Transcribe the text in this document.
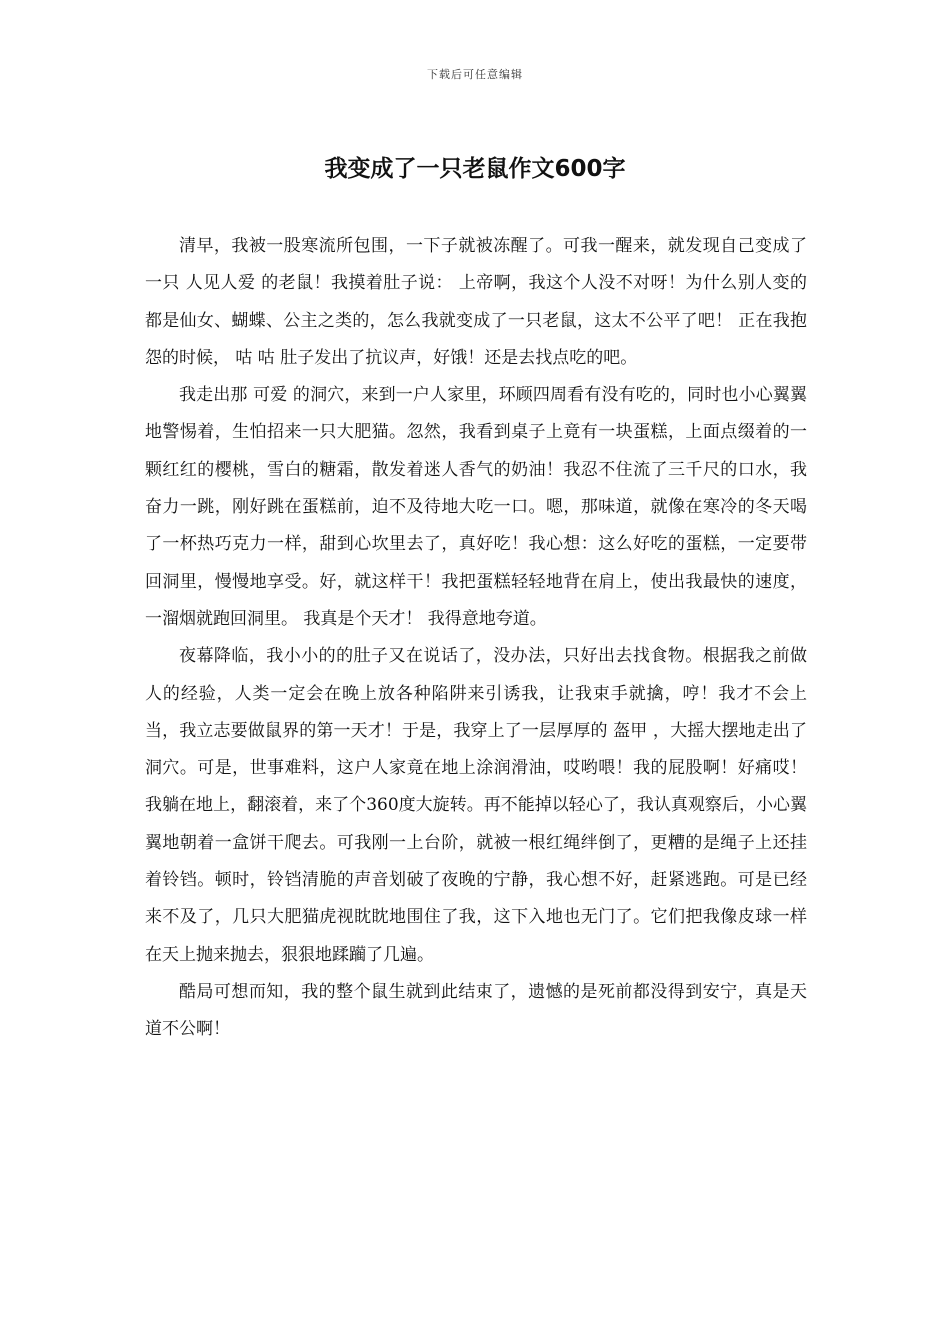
下载后可任意编辑
我变成了一只老鼠作文600字

清早，我被一股寒流所包围，一下子就被冻醒了。可我一醒来，就发现自己变成了一只 人见人爱 的老鼠！我摸着肚子说： 上帝啊，我这个人没不对呀！为什么别人变的都是仙女、蝴蝶、公主之类的，怎么我就变成了一只老鼠，这太不公平了吧！ 正在我抱怨的时候， 咕 咕 肚子发出了抗议声，好饿！还是去找点吃的吧。

我走出那 可爱 的洞穴，来到一户人家里，环顾四周看有没有吃的，同时也小心翼翼地警惕着，生怕招来一只大肥猫。忽然，我看到桌子上竟有一块蛋糕，上面点缀着的一颗红红的樱桃，雪白的糖霜，散发着迷人香气的奶油！我忍不住流了三千尺的口水，我奋力一跳，刚好跳在蛋糕前，迫不及待地大吃一口。嗯，那味道，就像在寒冷的冬天喝了一杯热巧克力一样，甜到心坎里去了，真好吃！我心想：这么好吃的蛋糕，一定要带回洞里，慢慢地享受。好，就这样干！我把蛋糕轻轻地背在肩上，使出我最快的速度，一溜烟就跑回洞里。 我真是个天才！ 我得意地夸道。

夜幕降临，我小小的的肚子又在说话了，没办法，只好出去找食物。根据我之前做人的经验，人类一定会在晚上放各种陷阱来引诱我，让我束手就擒，哼！我才不会上当，我立志要做鼠界的第一天才！于是，我穿上了一层厚厚的 盔甲 ，大摇大摆地走出了洞穴。可是，世事难料，这户人家竟在地上涂润滑油，哎哟喂！我的屁股啊！好痛哎！ 我躺在地上，翻滚着，来了个360度大旋转。再不能掉以轻心了，我认真观察后，小心翼翼地朝着一盒饼干爬去。可我刚一上台阶，就被一根红绳绊倒了，更糟的是绳子上还挂着铃铛。顿时，铃铛清脆的声音划破了夜晚的宁静，我心想不好，赶紧逃跑。可是已经来不及了，几只大肥猫虎视眈眈地围住了我，这下入地也无门了。它们把我像皮球一样在天上抛来抛去，狠狠地蹂躏了几遍。

酷局可想而知，我的整个鼠生就到此结束了，遗憾的是死前都没得到安宁，真是天道不公啊！
